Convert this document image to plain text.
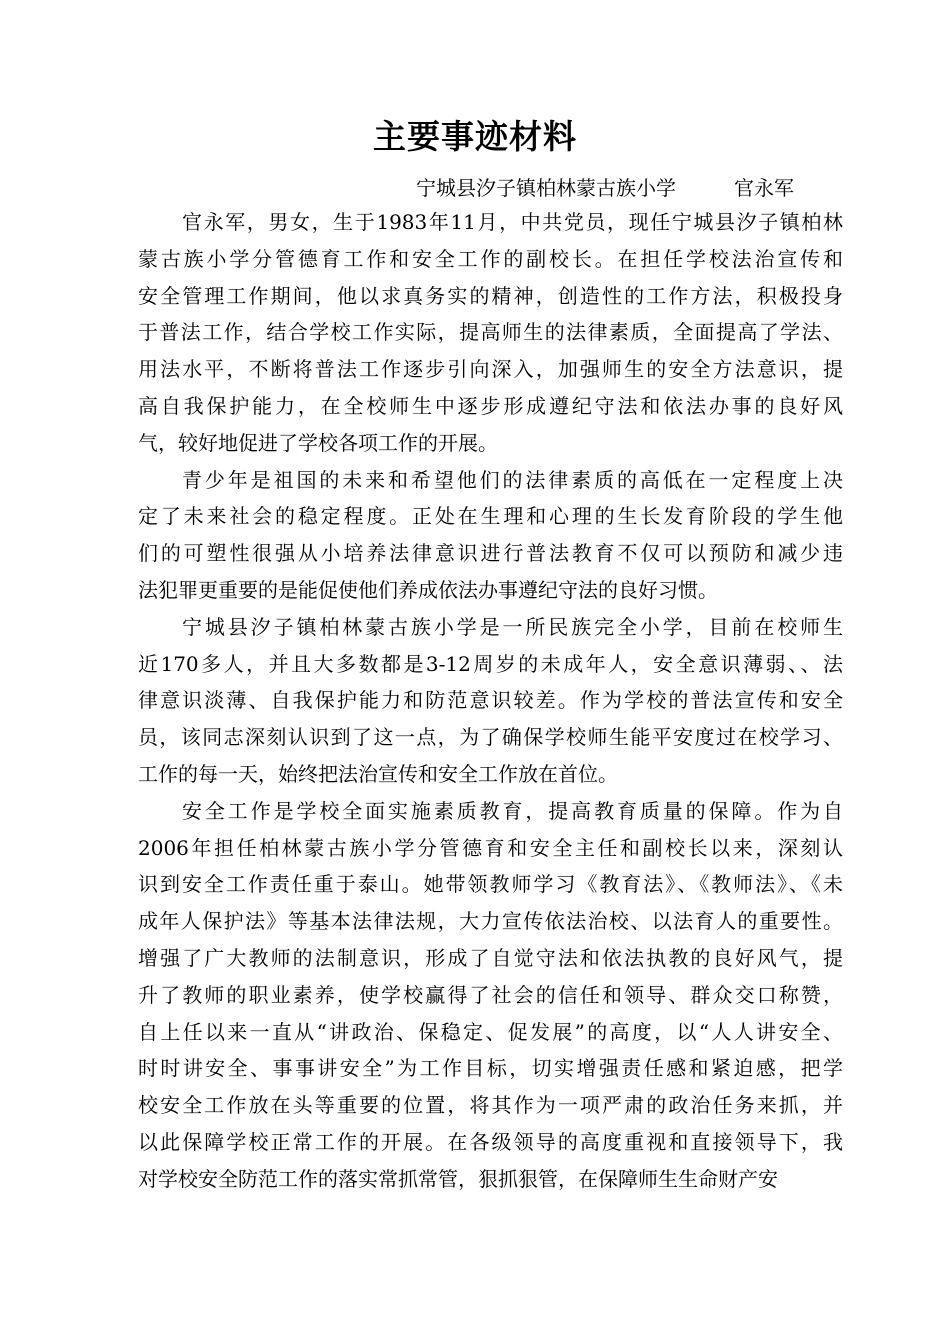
主要事迹材料
宁城县汐子镇柏林蒙古族小学	官永军
官永军，男女，生于1983年11月，中共党员，现任宁城县汐子镇柏林
蒙古族小学分管德育工作和安全工作的副校长。在担任学校法治宣传和
安全管理工作期间，他以求真务实的精神，创造性的工作方法，积极投身
于普法工作，结合学校工作实际，提高师生的法律素质，全面提高了学法、
用法水平，不断将普法工作逐步引向深入，加强师生的安全方法意识，提
高自我保护能力，在全校师生中逐步形成遵纪守法和依法办事的良好风
气，较好地促进了学校各项工作的开展。
青少年是祖国的未来和希望他们的法律素质的高低在一定程度上决
定了未来社会的稳定程度。正处在生理和心理的生长发育阶段的学生他
们的可塑性很强从小培养法律意识进行普法教育不仅可以预防和减少违
法犯罪更重要的是能促使他们养成依法办事遵纪守法的良好习惯。
宁城县汐子镇柏林蒙古族小学是一所民族完全小学，目前在校师生
近170多人，并且大多数都是3-12周岁的未成年人，安全意识薄弱、、法
律意识淡薄、自我保护能力和防范意识较差。作为学校的普法宣传和安全
员，该同志深刻认识到了这一点，为了确保学校师生能平安度过在校学习、
工作的每一天，始终把法治宣传和安全工作放在首位。
安全工作是学校全面实施素质教育，提高教育质量的保障。作为自
2006年担任柏林蒙古族小学分管德育和安全主任和副校长以来，深刻认
识到安全工作责任重于泰山。她带领教师学习《教育法》、《教师法》、《未
成年人保护法》等基本法律法规，大力宣传依法治校、以法育人的重要性。
增强了广大教师的法制意识，形成了自觉守法和依法执教的良好风气，提
升了教师的职业素养，使学校赢得了社会的信任和领导、群众交口称赞，
自上任以来一直从“讲政治、保稳定、促发展”的高度，以“人人讲安全、
时时讲安全、事事讲安全”为工作目标，切实增强责任感和紧迫感，把学
校安全工作放在头等重要的位置，将其作为一项严肃的政治任务来抓，并
以此保障学校正常工作的开展。在各级领导的高度重视和直接领导下，我
对学校安全防范工作的落实常抓常管，狠抓狠管，在保障师生生命财产安
